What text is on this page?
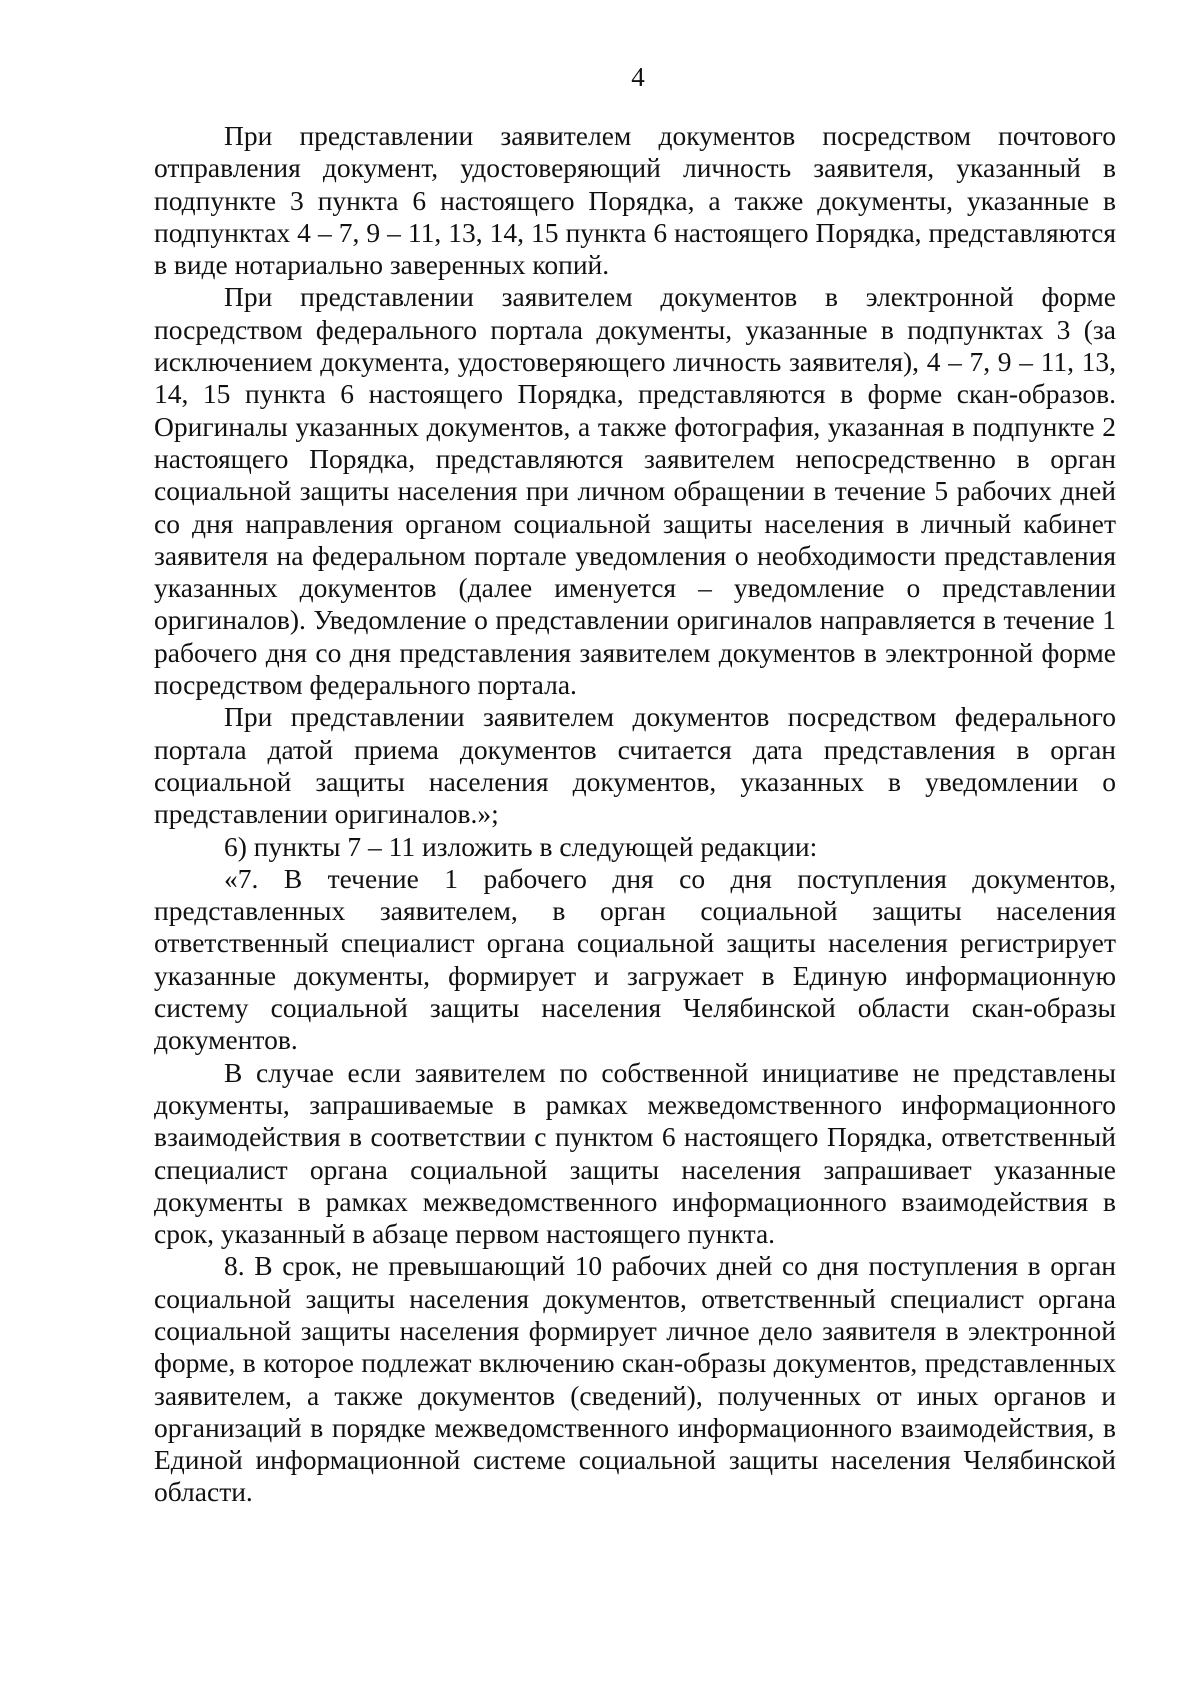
4

При представлении заявителем документов посредством почтового отправления документ, удостоверяющий личность заявителя, указанный в подпункте 3 пункта 6 настоящего Порядка, а также документы, указанные в подпунктах 4 – 7, 9 – 11, 13, 14, 15 пункта 6 настоящего Порядка, представляются в виде нотариально заверенных копий.

При представлении заявителем документов в электронной форме посредством федерального портала документы, указанные в подпунктах 3 (за исключением документа, удостоверяющего личность заявителя), 4 – 7, 9 – 11, 13, 14, 15 пункта 6 настоящего Порядка, представляются в форме скан-образов. Оригиналы указанных документов, а также фотография, указанная в подпункте 2 настоящего Порядка, представляются заявителем непосредственно в орган социальной защиты населения при личном обращении в течение 5 рабочих дней со дня направления органом социальной защиты населения в личный кабинет заявителя на федеральном портале уведомления о необходимости представления указанных документов (далее именуется – уведомление о представлении оригиналов). Уведомление о представлении оригиналов направляется в течение 1 рабочего дня со дня представления заявителем документов в электронной форме посредством федерального портала.

При представлении заявителем документов посредством федерального портала датой приема документов считается дата представления в орган социальной защиты населения документов, указанных в уведомлении о представлении оригиналов.»;

6) пункты 7 – 11 изложить в следующей редакции:

«7. В течение 1 рабочего дня со дня поступления документов, представленных заявителем, в орган социальной защиты населения ответственный специалист органа социальной защиты населения регистрирует указанные документы, формирует и загружает в Единую информационную систему социальной защиты населения Челябинской области скан-образы документов.

В случае если заявителем по собственной инициативе не представлены документы, запрашиваемые в рамках межведомственного информационного взаимодействия в соответствии с пунктом 6 настоящего Порядка, ответственный специалист органа социальной защиты населения запрашивает указанные документы в рамках межведомственного информационного взаимодействия в срок, указанный в абзаце первом настоящего пункта.

8. В срок, не превышающий 10 рабочих дней со дня поступления в орган социальной защиты населения документов, ответственный специалист органа социальной защиты населения формирует личное дело заявителя в электронной форме, в которое подлежат включению скан-образы документов, представленных заявителем, а также документов (сведений), полученных от иных органов и организаций в порядке межведомственного информационного взаимодействия, в Единой информационной системе социальной защиты населения Челябинской области.
